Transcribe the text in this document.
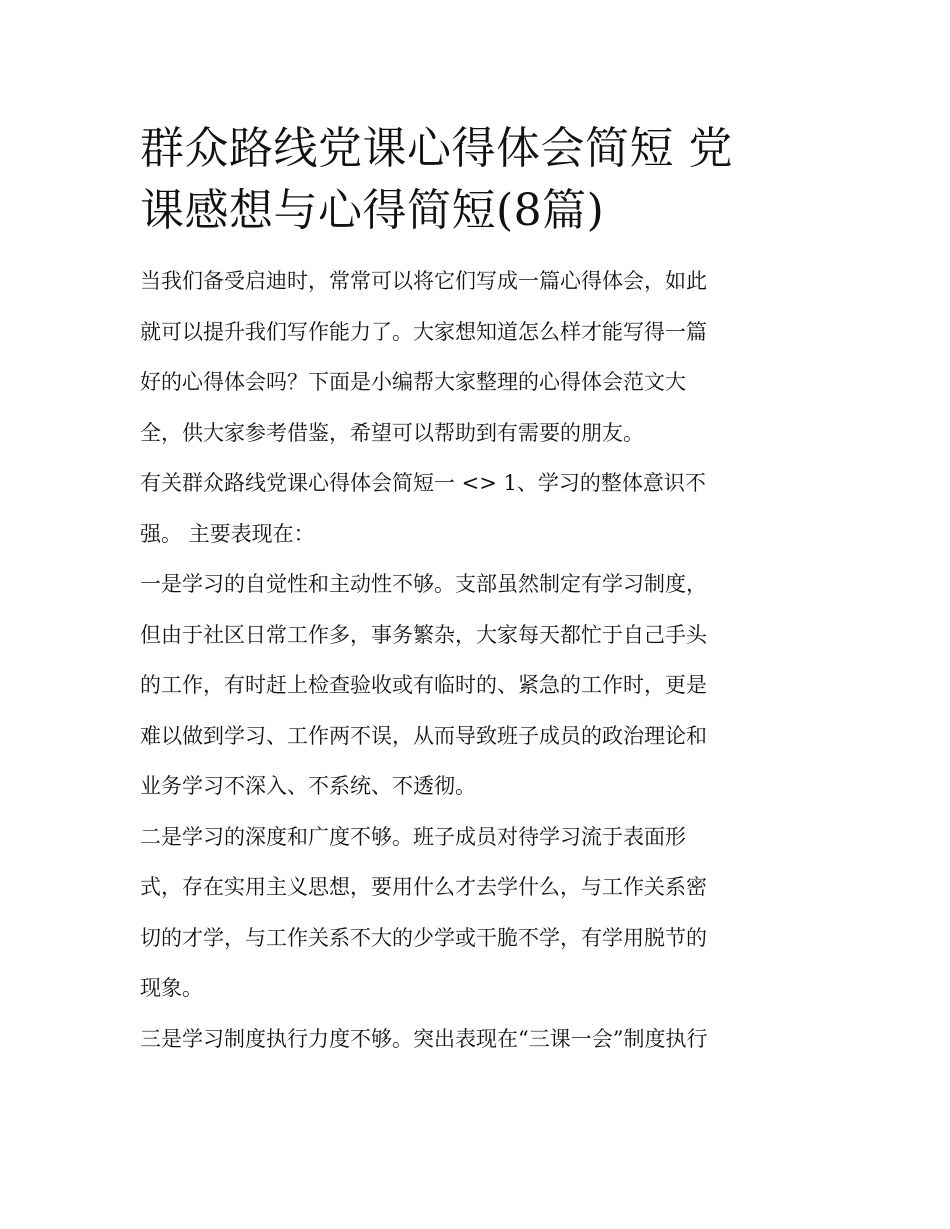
群众路线党课心得体会简短 党
课感想与心得简短(8篇)

当我们备受启迪时，常常可以将它们写成一篇心得体会，如此
就可以提升我们写作能力了。大家想知道怎么样才能写得一篇
好的心得体会吗？下面是小编帮大家整理的心得体会范文大
全，供大家参考借鉴，希望可以帮助到有需要的朋友。

有关群众路线党课心得体会简短一 <> 1、学习的整体意识不
强。 主要表现在：

一是学习的自觉性和主动性不够。支部虽然制定有学习制度，
但由于社区日常工作多，事务繁杂，大家每天都忙于自己手头
的工作，有时赶上检查验收或有临时的、紧急的工作时，更是
难以做到学习、工作两不误，从而导致班子成员的政治理论和
业务学习不深入、不系统、不透彻。

二是学习的深度和广度不够。班子成员对待学习流于表面形
式，存在实用主义思想，要用什么才去学什么，与工作关系密
切的才学，与工作关系不大的少学或干脆不学，有学用脱节的
现象。

三是学习制度执行力度不够。突出表现在“三课一会”制度执行
